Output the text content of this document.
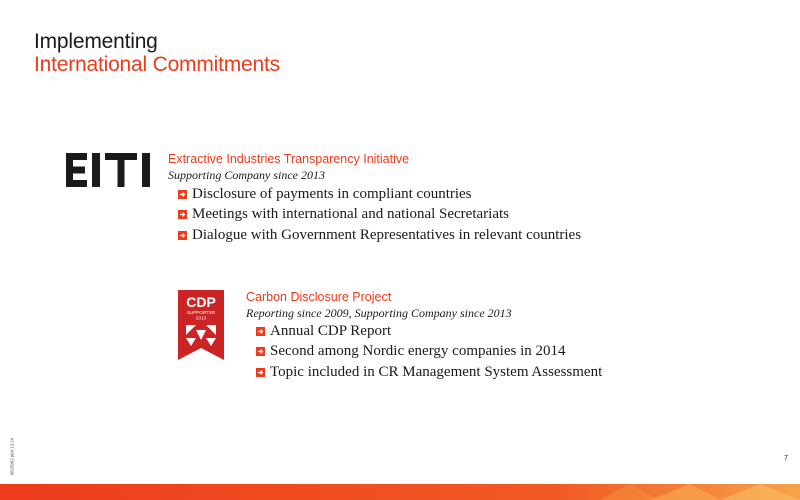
Implementing
International Commitments
Extractive Industries Transparency Initiative
Supporting Company since 2013
Disclosure of payments in compliant countries
Meetings with international and national Secretariats
Dialogue with Government Representatives in relevant countries
CDP
SUPPORTER
2013
Carbon Disclosure Project
Reporting since 2009, Supporting Company since 2013
Annual CDP Report
Second among Nordic energy companies in 2014
Topic included in CR Management System Assessment
0815082 p04 13.14	7
